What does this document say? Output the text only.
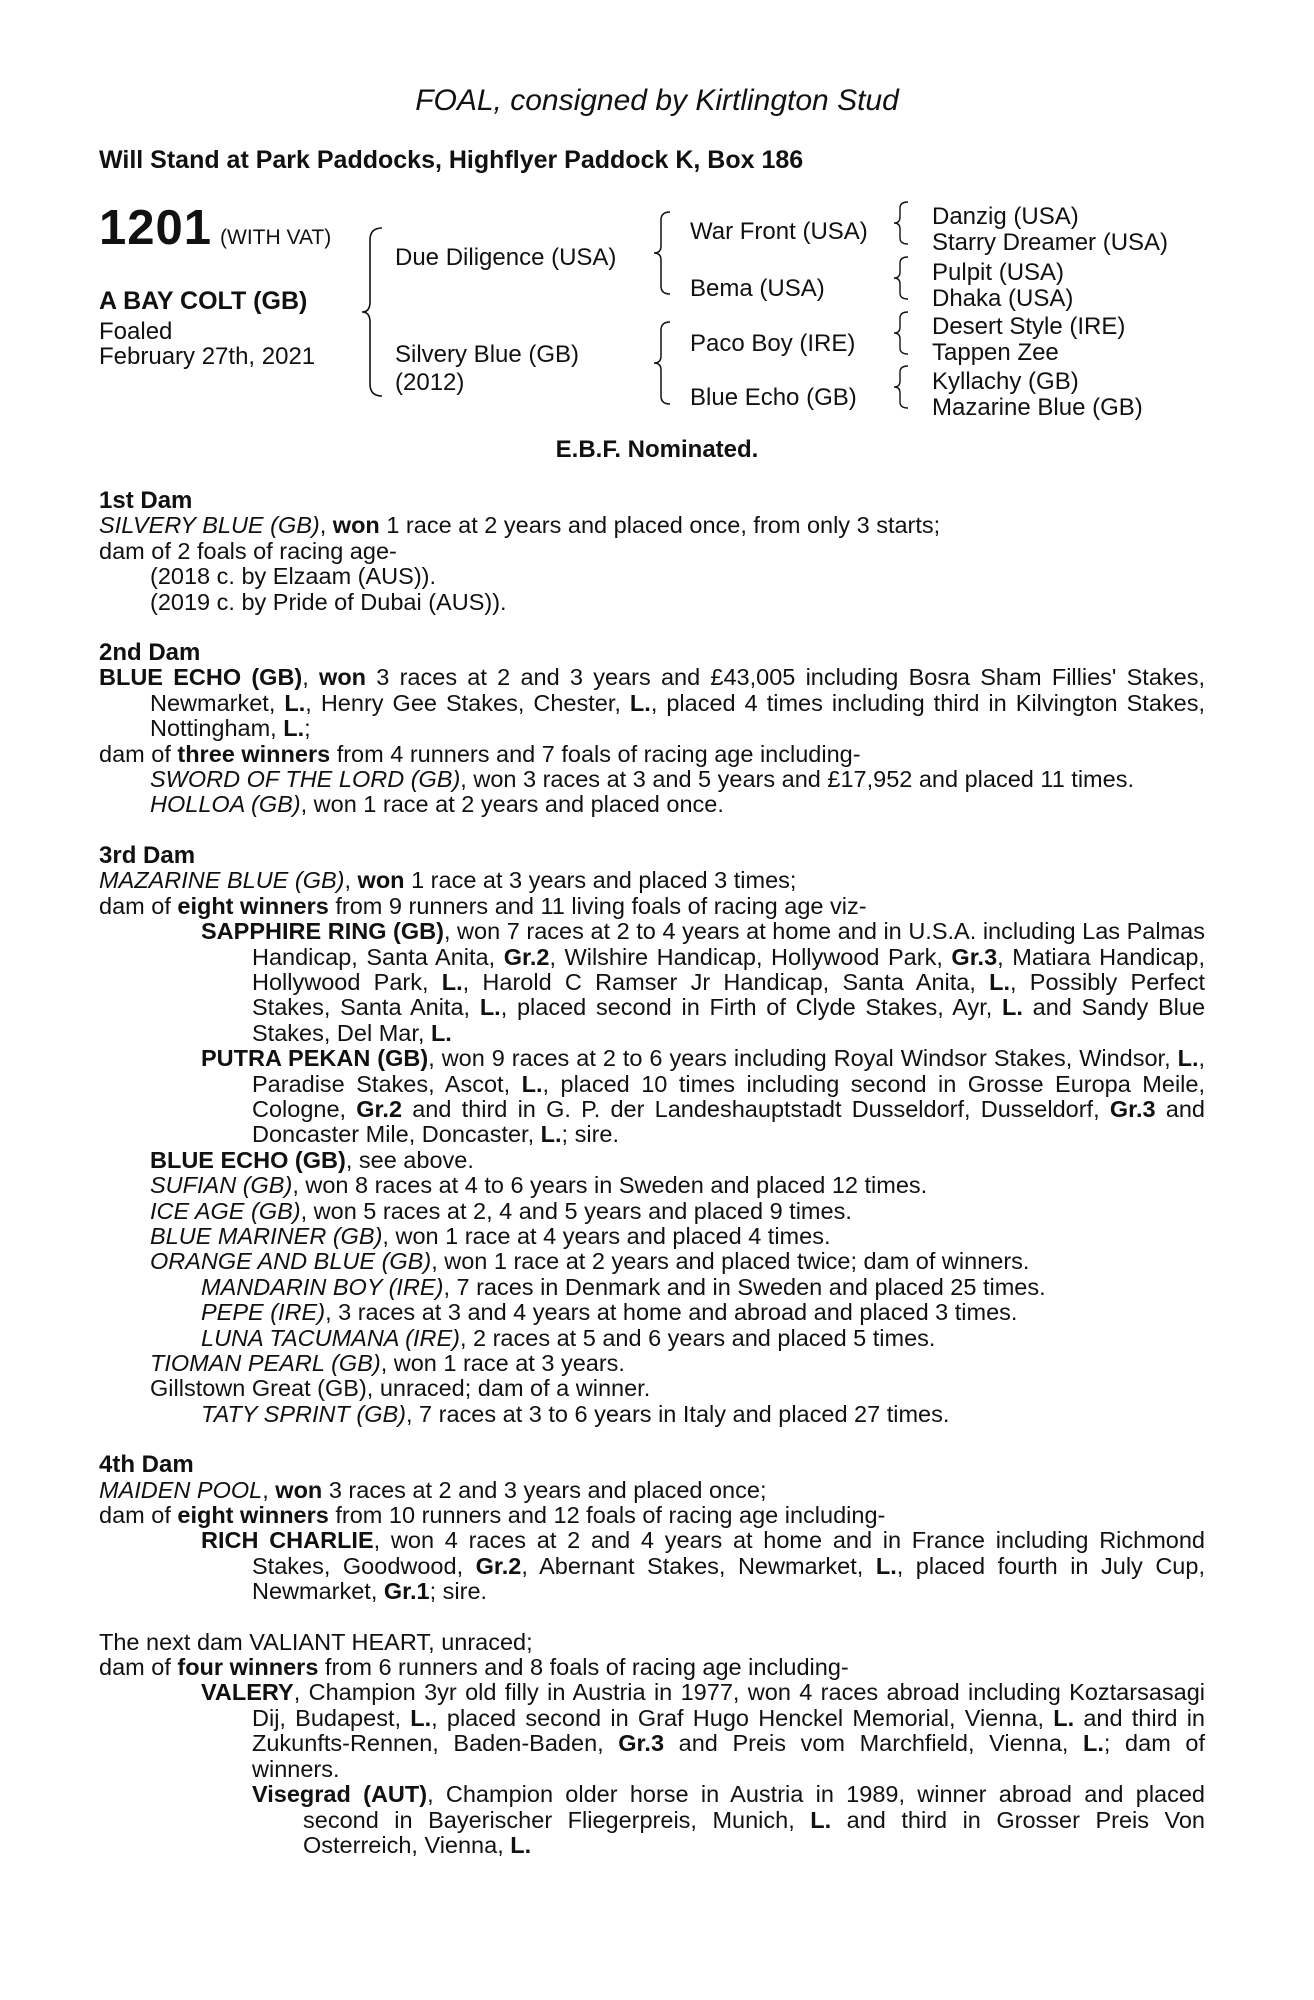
FOAL, consigned by Kirtlington Stud
Will Stand at Park Paddocks, Highflyer Paddock K, Box 186
1201 (WITH VAT)
A BAY COLT (GB)
Foaled
February 27th, 2021
Due Diligence (USA)
Silvery Blue (GB)
(2012)
War Front (USA)
Bema (USA)
Paco Boy (IRE)
Blue Echo (GB)
Danzig (USA)
Starry Dreamer (USA)
Pulpit (USA)
Dhaka (USA)
Desert Style (IRE)
Tappen Zee
Kyllachy (GB)
Mazarine Blue (GB)
E.B.F. Nominated.
1st Dam
SILVERY BLUE (GB), won 1 race at 2 years and placed once, from only 3 starts;
dam of 2 foals of racing age-
(2018 c. by Elzaam (AUS)).
(2019 c. by Pride of Dubai (AUS)).
2nd Dam
BLUE ECHO (GB), won 3 races at 2 and 3 years and £43,005 including Bosra Sham Fillies' Stakes, Newmarket, L., Henry Gee Stakes, Chester, L., placed 4 times including third in Kilvington Stakes, Nottingham, L.;
dam of three winners from 4 runners and 7 foals of racing age including-
SWORD OF THE LORD (GB), won 3 races at 3 and 5 years and £17,952 and placed 11 times.
HOLLOA (GB), won 1 race at 2 years and placed once.
3rd Dam
MAZARINE BLUE (GB), won 1 race at 3 years and placed 3 times;
dam of eight winners from 9 runners and 11 living foals of racing age viz-
SAPPHIRE RING (GB), won 7 races at 2 to 4 years at home and in U.S.A. including Las Palmas Handicap, Santa Anita, Gr.2, Wilshire Handicap, Hollywood Park, Gr.3, Matiara Handicap, Hollywood Park, L., Harold C Ramser Jr Handicap, Santa Anita, L., Possibly Perfect Stakes, Santa Anita, L., placed second in Firth of Clyde Stakes, Ayr, L. and Sandy Blue Stakes, Del Mar, L.
PUTRA PEKAN (GB), won 9 races at 2 to 6 years including Royal Windsor Stakes, Windsor, L., Paradise Stakes, Ascot, L., placed 10 times including second in Grosse Europa Meile, Cologne, Gr.2 and third in G. P. der Landeshauptstadt Dusseldorf, Dusseldorf, Gr.3 and Doncaster Mile, Doncaster, L.; sire.
BLUE ECHO (GB), see above.
SUFIAN (GB), won 8 races at 4 to 6 years in Sweden and placed 12 times.
ICE AGE (GB), won 5 races at 2, 4 and 5 years and placed 9 times.
BLUE MARINER (GB), won 1 race at 4 years and placed 4 times.
ORANGE AND BLUE (GB), won 1 race at 2 years and placed twice; dam of winners.
MANDARIN BOY (IRE), 7 races in Denmark and in Sweden and placed 25 times.
PEPE (IRE), 3 races at 3 and 4 years at home and abroad and placed 3 times.
LUNA TACUMANA (IRE), 2 races at 5 and 6 years and placed 5 times.
TIOMAN PEARL (GB), won 1 race at 3 years.
Gillstown Great (GB), unraced; dam of a winner.
TATY SPRINT (GB), 7 races at 3 to 6 years in Italy and placed 27 times.
4th Dam
MAIDEN POOL, won 3 races at 2 and 3 years and placed once;
dam of eight winners from 10 runners and 12 foals of racing age including-
RICH CHARLIE, won 4 races at 2 and 4 years at home and in France including Richmond Stakes, Goodwood, Gr.2, Abernant Stakes, Newmarket, L., placed fourth in July Cup, Newmarket, Gr.1; sire.
The next dam VALIANT HEART, unraced;
dam of four winners from 6 runners and 8 foals of racing age including-
VALERY, Champion 3yr old filly in Austria in 1977, won 4 races abroad including Koztarsasagi Dij, Budapest, L., placed second in Graf Hugo Henckel Memorial, Vienna, L. and third in Zukunfts-Rennen, Baden-Baden, Gr.3 and Preis vom Marchfield, Vienna, L.; dam of winners.
Visegrad (AUT), Champion older horse in Austria in 1989, winner abroad and placed second in Bayerischer Fliegerpreis, Munich, L. and third in Grosser Preis Von Osterreich, Vienna, L.
